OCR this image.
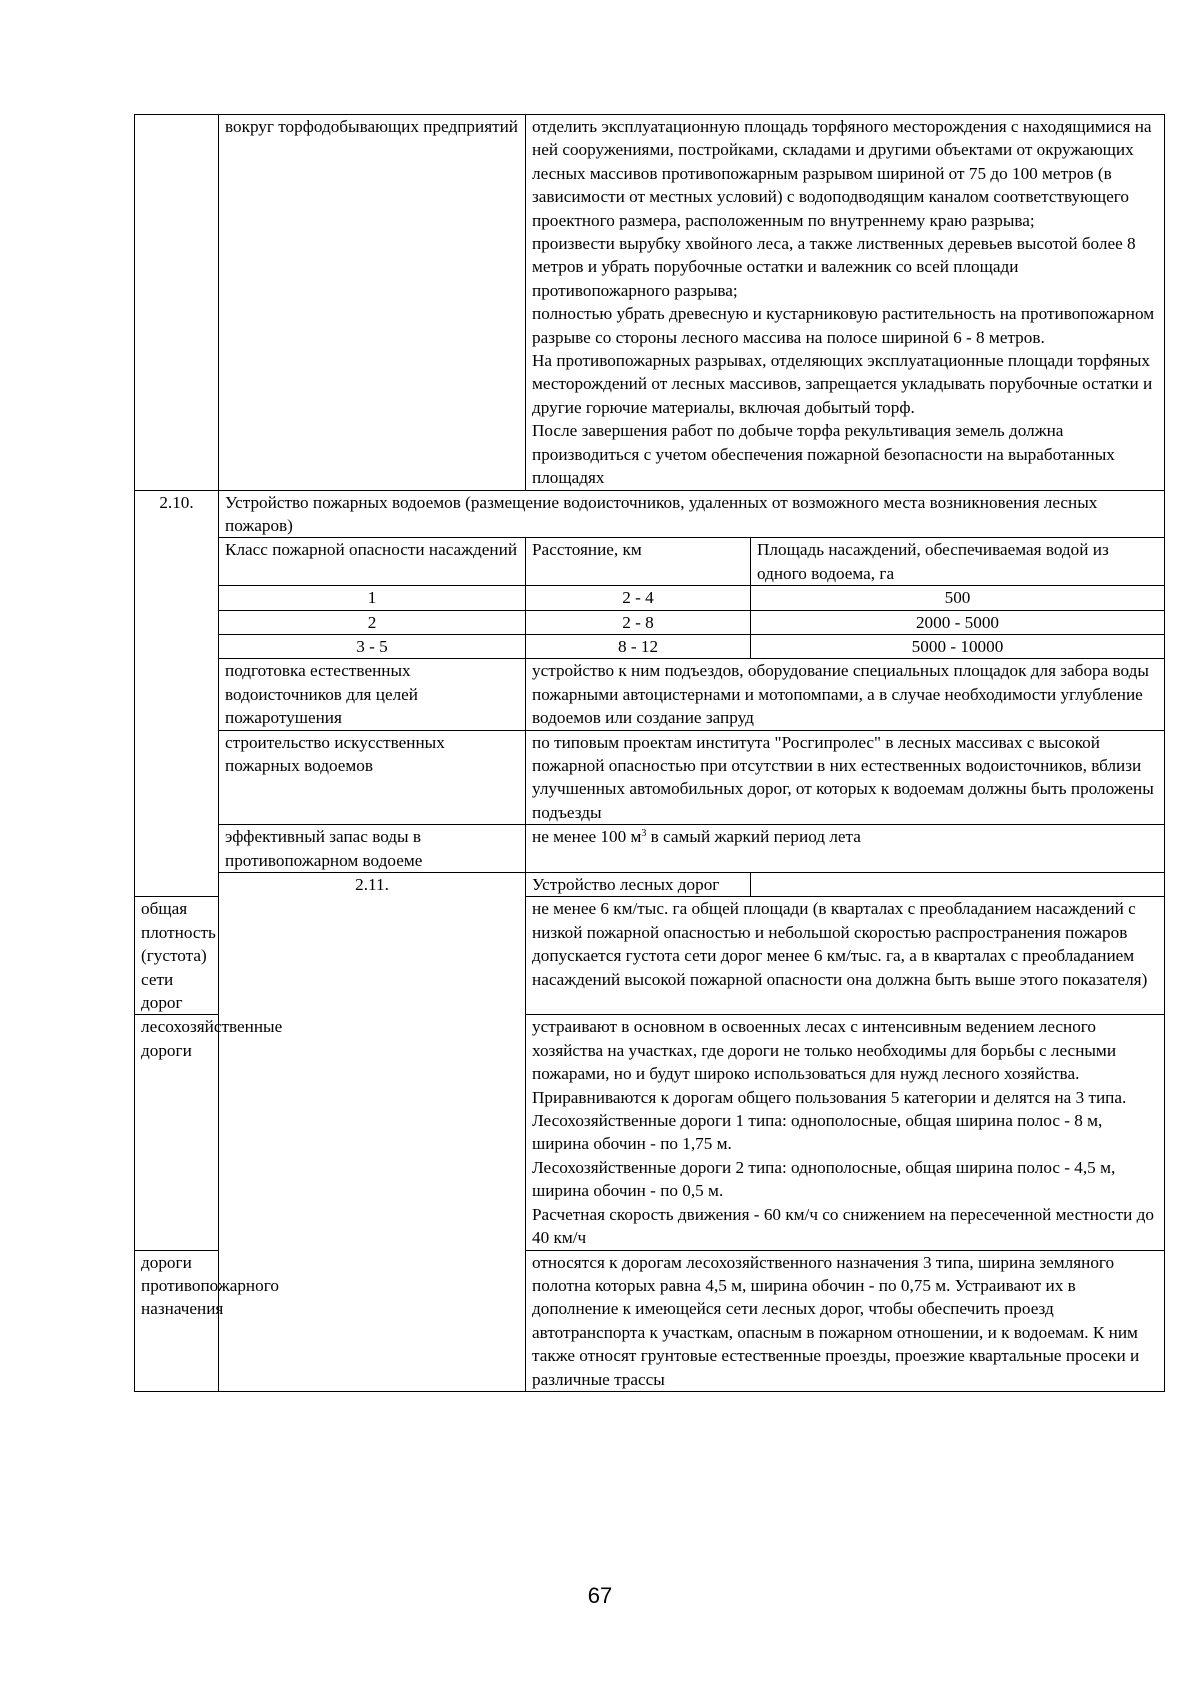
	вокруг торфодобывающих предприятий	отделить эксплуатационную площадь торфяного месторождения с находящимися на ней сооружениями, постройками, складами и другими объектами от окружающих лесных массивов противопожарным разрывом шириной от 75 до 100 метров (в зависимости от местных условий) с водоподводящим каналом соответствующего проектного размера, расположенным по внутреннему краю разрыва;

произвести вырубку хвойного леса, а также лиственных деревьев высотой более 8 метров и убрать порубочные остатки и валежник со всей площади противопожарного разрыва;

полностью убрать древесную и кустарниковую растительность на противопожарном разрыве со стороны лесного массива на полосе шириной 6 - 8 метров.

На противопожарных разрывах, отделяющих эксплуатационные площади торфяных месторождений от лесных массивов, запрещается укладывать порубочные остатки и другие горючие материалы, включая добытый торф.

После завершения работ по добыче торфа рекультивация земель должна производиться с учетом обеспечения пожарной безопасности на выработанных площадях	

2.10.	Устройство пожарных водоемов (размещение водоисточников, удаленных от возможного места возникновения лесных пожаров)		
	Класс пожарной опасности насаждений	Расстояние, км	Площадь насаждений, обеспечиваемая водой из одного водоема, га
	1	2 - 4	500
	2	2 - 8	2000 - 5000
	3 - 5	8 - 12	5000 - 10000
	подготовка естественных водоисточников для целей пожаротушения	устройство к ним подъездов, оборудование специальных площадок для забора воды пожарными автоцистернами и мотопомпами, а в случае необходимости углубление водоемов или создание запруд	
	строительство искусственных пожарных водоемов	по типовым проектам института "Росгипролес" в лесных массивах с высокой пожарной опасностью при отсутствии в них естественных водоисточников, вблизи улучшенных автомобильных дорог, от которых к водоемам должны быть проложены подъезды	
	эффективный запас воды в противопожарном водоеме	не менее 100 $м^3$ в самый жаркий период лета	
	2.11.	Устройство лесных дорог	
общая плотность (густота) сети дорог		не менее 6 км/тыс. га общей площади (в кварталах с преобладанием насаждений с низкой пожарной опасностью и небольшой скоростью распространения пожаров допускается густота сети дорог менее 6 км/тыс. га, а в кварталах с преобладанием насаждений высокой пожарной опасности она должна быть выше этого показателя)	

лесохозяйственные дороги		устраивают в основном в освоенных лесах с интенсивным ведением лесного хозяйства на участках, где дороги не только необходимы для борьбы с лесными пожарами, но и будут широко использоваться для нужд лесного хозяйства. Приравниваются к дорогам общего пользования 5 категории и делятся на 3 типа.

Лесохозяйственные дороги 1 типа: однополосные, общая ширина полос - 8 м, ширина обочин - по 1,75 м.

Лесохозяйственные дороги 2 типа: однополосные, общая ширина полос - 4,5 м, ширина обочин - по 0,5 м.

Расчетная скорость движения - 60 км/ч со снижением на пересеченной местности до 40 км/ч	

дороги противопожарного назначения		относятся к дорогам лесохозяйственного назначения 3 типа, ширина земляного полотна которых равна 4,5 м, ширина обочин - по 0,75 м. Устраивают их в дополнение к имеющейся сети лесных дорог, чтобы обеспечить проезд автотранспорта к участкам, опасным в пожарном отношении, и к водоемам. К ним также относят грунтовые естественные проезды, проезжие квартальные просеки и различные трассы	

67
